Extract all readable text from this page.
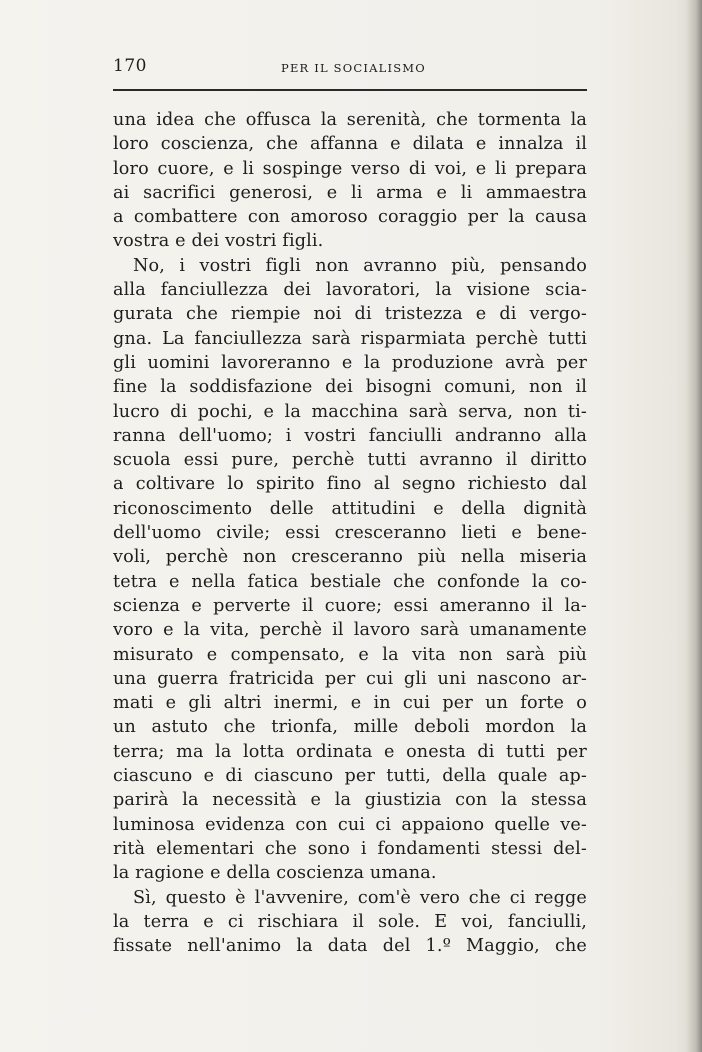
170	PER IL SOCIALISMO
una idea che offusca la serenità, che tormenta la
loro coscienza, che affanna e dilata e innalza il
loro cuore, e li sospinge verso di voi, e li prepara
ai sacrifici generosi, e li arma e li ammaestra
a combattere con amoroso coraggio per la causa
vostra e dei vostri figli.
No, i vostri figli non avranno più, pensando
alla fanciullezza dei lavoratori, la visione scia-
gurata che riempie noi di tristezza e di vergo-
gna. La fanciullezza sarà risparmiata perchè tutti
gli uomini lavoreranno e la produzione avrà per
fine la soddisfazione dei bisogni comuni, non il
lucro di pochi, e la macchina sarà serva, non ti-
ranna dell'uomo; i vostri fanciulli andranno alla
scuola essi pure, perchè tutti avranno il diritto
a coltivare lo spirito fino al segno richiesto dal
riconoscimento delle attitudini e della dignità
dell'uomo civile; essi cresceranno lieti e bene-
voli, perchè non cresceranno più nella miseria
tetra e nella fatica bestiale che confonde la co-
scienza e perverte il cuore; essi ameranno il la-
voro e la vita, perchè il lavoro sarà umanamente
misurato e compensato, e la vita non sarà più
una guerra fratricida per cui gli uni nascono ar-
mati e gli altri inermi, e in cui per un forte o
un astuto che trionfa, mille deboli mordon la
terra; ma la lotta ordinata e onesta di tutti per
ciascuno e di ciascuno per tutti, della quale ap-
parirà la necessità e la giustizia con la stessa
luminosa evidenza con cui ci appaiono quelle ve-
rità elementari che sono i fondamenti stessi del-
la ragione e della coscienza umana.
Sì, questo è l'avvenire, com'è vero che ci regge
la terra e ci rischiara il sole. E voi, fanciulli,
fissate nell'animo la data del 1.º Maggio, che
